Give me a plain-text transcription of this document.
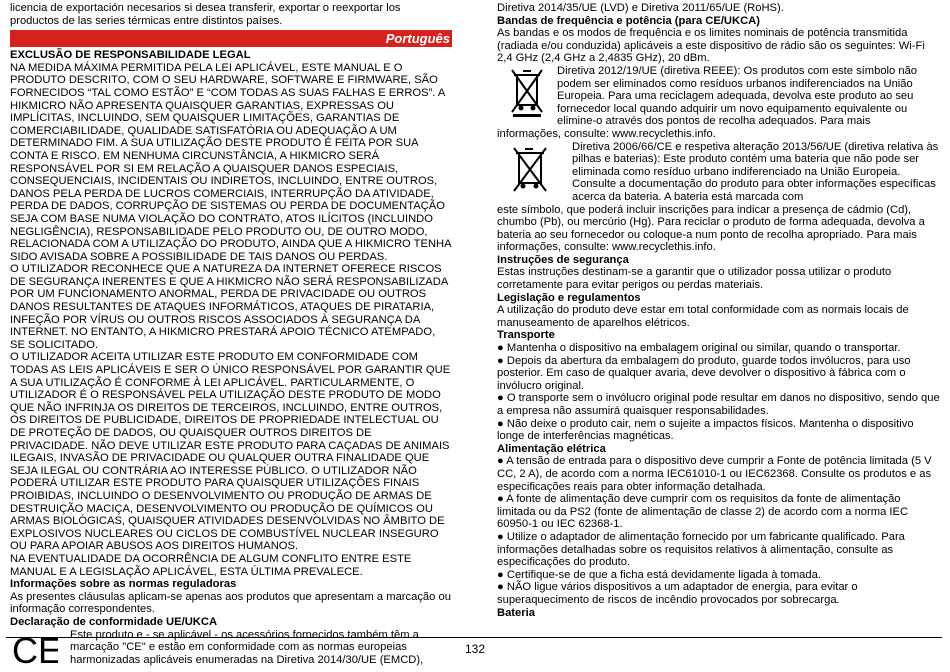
licencia de exportación necesarios si desea transferir, exportar o reexportar los productos de las series térmicas entre distintos países.

Português

EXCLUSÃO DE RESPONSABILIDADE LEGAL

NA MEDIDA MÁXIMA PERMITIDA PELA LEI APLICÁVEL, ESTE MANUAL E O PRODUTO DESCRITO, COM O SEU HARDWARE, SOFTWARE E FIRMWARE, SÃO FORNECIDOS “TAL COMO ESTÃO” E “COM TODAS AS SUAS FALHAS E ERROS”. A HIKMICRO NÃO APRESENTA QUAISQUER GARANTIAS, EXPRESSAS OU IMPLÍCITAS, INCLUINDO, SEM QUAISQUER LIMITAÇÕES, GARANTIAS DE COMERCIABILIDADE, QUALIDADE SATISFATÓRIA OU ADEQUAÇÃO A UM DETERMINADO FIM. A SUA UTILIZAÇÃO DESTE PRODUTO É FEITA POR SUA CONTA E RISCO. EM NENHUMA CIRCUNSTÂNCIA, A HIKMICRO SERÁ RESPONSÁVEL POR SI EM RELAÇÃO A QUAISQUER DANOS ESPECIAIS, CONSEQUENCIAIS, INCIDENTAIS OU INDIRETOS, INCLUINDO, ENTRE OUTROS, DANOS PELA PERDA DE LUCROS COMERCIAIS, INTERRUPÇÃO DA ATIVIDADE, PERDA DE DADOS, CORRUPÇÃO DE SISTEMAS OU PERDA DE DOCUMENTAÇÃO SEJA COM BASE NUMA VIOLAÇÃO DO CONTRATO, ATOS ILÍCITOS (INCLUINDO NEGLIGÊNCIA), RESPONSABILIDADE PELO PRODUTO OU, DE OUTRO MODO, RELACIONADA COM A UTILIZAÇÃO DO PRODUTO, AINDA QUE A HIKMICRO TENHA SIDO AVISADA SOBRE A POSSIBILIDADE DE TAIS DANOS OU PERDAS.

O UTILIZADOR RECONHECE QUE A NATUREZA DA INTERNET OFERECE RISCOS DE SEGURANÇA INERENTES E QUE A HIKMICRO NÃO SERÁ RESPONSABILIZADA POR UM FUNCIONAMENTO ANORMAL, PERDA DE PRIVACIDADE OU OUTROS DANOS RESULTANTES DE ATAQUES INFORMÁTICOS, ATAQUES DE PIRATARIA, INFEÇÃO POR VÍRUS OU OUTROS RISCOS ASSOCIADOS À SEGURANÇA DA INTERNET. NO ENTANTO, A HIKMICRO PRESTARÁ APOIO TÉCNICO ATEMPADO, SE SOLICITADO.

O UTILIZADOR ACEITA UTILIZAR ESTE PRODUTO EM CONFORMIDADE COM TODAS AS LEIS APLICÁVEIS E SER O ÚNICO RESPONSÁVEL POR GARANTIR QUE A SUA UTILIZAÇÃO É CONFORME À LEI APLICÁVEL. PARTICULARMENTE, O UTILIZADOR É O RESPONSÁVEL PELA UTILIZAÇÃO DESTE PRODUTO DE MODO QUE NÃO INFRINJA OS DIREITOS DE TERCEIROS, INCLUINDO, ENTRE OUTROS, OS DIREITOS DE PUBLICIDADE, DIREITOS DE PROPRIEDADE INTELECTUAL OU DE PROTEÇÃO DE DADOS, OU QUAISQUER OUTROS DIREITOS DE PRIVACIDADE. NÃO DEVE UTILIZAR ESTE PRODUTO PARA CAÇADAS DE ANIMAIS ILEGAIS, INVASÃO DE PRIVACIDADE OU QUALQUER OUTRA FINALIDADE QUE SEJA ILEGAL OU CONTRÁRIA AO INTERESSE PÚBLICO. O UTILIZADOR NÃO PODERÁ UTILIZAR ESTE PRODUTO PARA QUAISQUER UTILIZAÇÕES FINAIS PROIBIDAS, INCLUINDO O DESENVOLVIMENTO OU PRODUÇÃO DE ARMAS DE DESTRUIÇÃO MACIÇA, DESENVOLVIMENTO OU PRODUÇÃO DE QUÍMICOS OU ARMAS BIOLÓGICAS, QUAISQUER ATIVIDADES DESENVOLVIDAS NO ÂMBITO DE EXPLOSIVOS NUCLEARES OU CICLOS DE COMBUSTÍVEL NUCLEAR INSEGURO OU PARA APOIAR ABUSOS AOS DIREITOS HUMANOS.

NA EVENTUALIDADE DA OCORRÊNCIA DE ALGUM CONFLITO ENTRE ESTE MANUAL E A LEGISLAÇÃO APLICÁVEL, ESTA ÚLTIMA PREVALECE.

Informações sobre as normas reguladoras

As presentes cláusulas aplicam-se apenas aos produtos que apresentam a marcação ou informação correspondentes.

Declaração de conformidade UE/UKCA

CE Este produto e - se aplicável - os acessórios fornecidos também têm a marcação "CE" e estão em conformidade com as normas europeias harmonizadas aplicáveis enumeradas na Diretiva 2014/30/UE (EMCD),

Diretiva 2014/35/UE (LVD) e Diretiva 2011/65/UE (RoHS).

Bandas de frequência e potência (para CE/UKCA)

As bandas e os modos de frequência e os limites nominais de potência transmitida (radiada e/ou conduzida) aplicáveis a este dispositivo de rádio são os seguintes: Wi-Fi 2,4 GHz (2,4 GHz a 2,4835 GHz), 20 dBm.

Diretiva 2012/19/UE (diretiva REEE): Os produtos com este símbolo não podem ser eliminados como resíduos urbanos indiferenciados na União Europeia. Para uma reciclagem adequada, devolva este produto ao seu fornecedor local quando adquirir um novo equipamento equivalente ou elimine-o através dos pontos de recolha adequados. Para mais

informações, consulte: www.recyclethis.info.

Diretiva 2006/66/CE e respetiva alteração 2013/56/UE (diretiva relativa às pilhas e baterias): Este produto contém uma bateria que não pode ser eliminada como resíduo urbano indiferenciado na União Europeia. Consulte a documentação do produto para obter informações específicas acerca da bateria. A bateria está marcada com

este símbolo, que poderá incluir inscrições para indicar a presença de cádmio (Cd), chumbo (Pb), ou mercúrio (Hg). Para reciclar o produto de forma adequada, devolva a bateria ao seu fornecedor ou coloque-a num ponto de recolha apropriado. Para mais informações, consulte: www.recyclethis.info.

Instruções de segurança

Estas instruções destinam-se a garantir que o utilizador possa utilizar o produto corretamente para evitar perigos ou perdas materiais.

Legislação e regulamentos

A utilização do produto deve estar em total conformidade com as normais locais de manuseamento de aparelhos elétricos.

Transporte

● Mantenha o dispositivo na embalagem original ou similar, quando o transportar.

● Depois da abertura da embalagem do produto, guarde todos invólucros, para uso posterior. Em caso de qualquer avaria, deve devolver o dispositivo à fábrica com o invólucro original.

● O transporte sem o invólucro original pode resultar em danos no dispositivo, sendo que a empresa não assumirá quaisquer responsabilidades.

● Não deixe o produto cair, nem o sujeite a impactos físicos. Mantenha o dispositivo longe de interferências magnéticas.

Alimentação elétrica

● A tensão de entrada para o dispositivo deve cumprir a Fonte de potência limitada (5 V CC, 2 A), de acordo com a norma IEC61010-1 ou IEC62368. Consulte os produtos e as especificações reais para obter informação detalhada.

● A fonte de alimentação deve cumprir com os requisitos da fonte de alimentação limitada ou da PS2 (fonte de alimentação de classe 2) de acordo com a norma IEC 60950-1 ou IEC 62368-1.

● Utilize o adaptador de alimentação fornecido por um fabricante qualificado. Para informações detalhadas sobre os requisitos relativos à alimentação, consulte as especificações do produto.

● Certifique-se de que a ficha está devidamente ligada à tomada.

● NÃO ligue vários dispositivos a um adaptador de energia, para evitar o superaquecimento de riscos de incêndio provocados por sobrecarga.

Bateria

132
